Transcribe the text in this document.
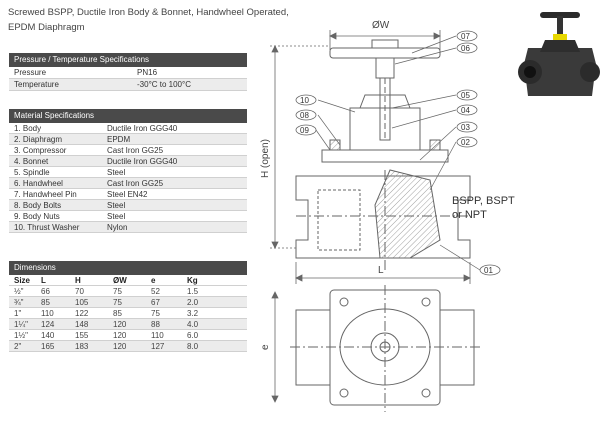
Screwed BSPP, Ductile Iron Body & Bonnet, Handwheel Operated,
EPDM Diaphragm
Pressure / Temperature Specifications
Pressure	PN16
Temperature	-30°C to 100°C
Material Specifications
1. Body	Ductile Iron GGG40
2. Diaphragm	EPDM
3. Compressor	Cast Iron GG25
4. Bonnet	Ductile Iron GGG40
5. Spindle	Steel
6. Handwheel	Cast Iron GG25
7. Handwheel Pin	Steel EN42
8. Body Bolts	Steel
9. Body Nuts	Steel
10. Thrust Washer	Nylon
Dimensions
Size	L	H	ØW	e	Kg
½"	66	70	75	52	1.5
¾"	85	105	75	67	2.0
1"	110	122	85	75	3.2
1¼"	124	148	120	88	4.0
1½"	140	155	120	110	6.0
2"	165	183	120	127	8.0
ØW
H (open)
L
BSPP, BSPT
or NPT
e
07
06
05
04
03
02
01
10
08
09
